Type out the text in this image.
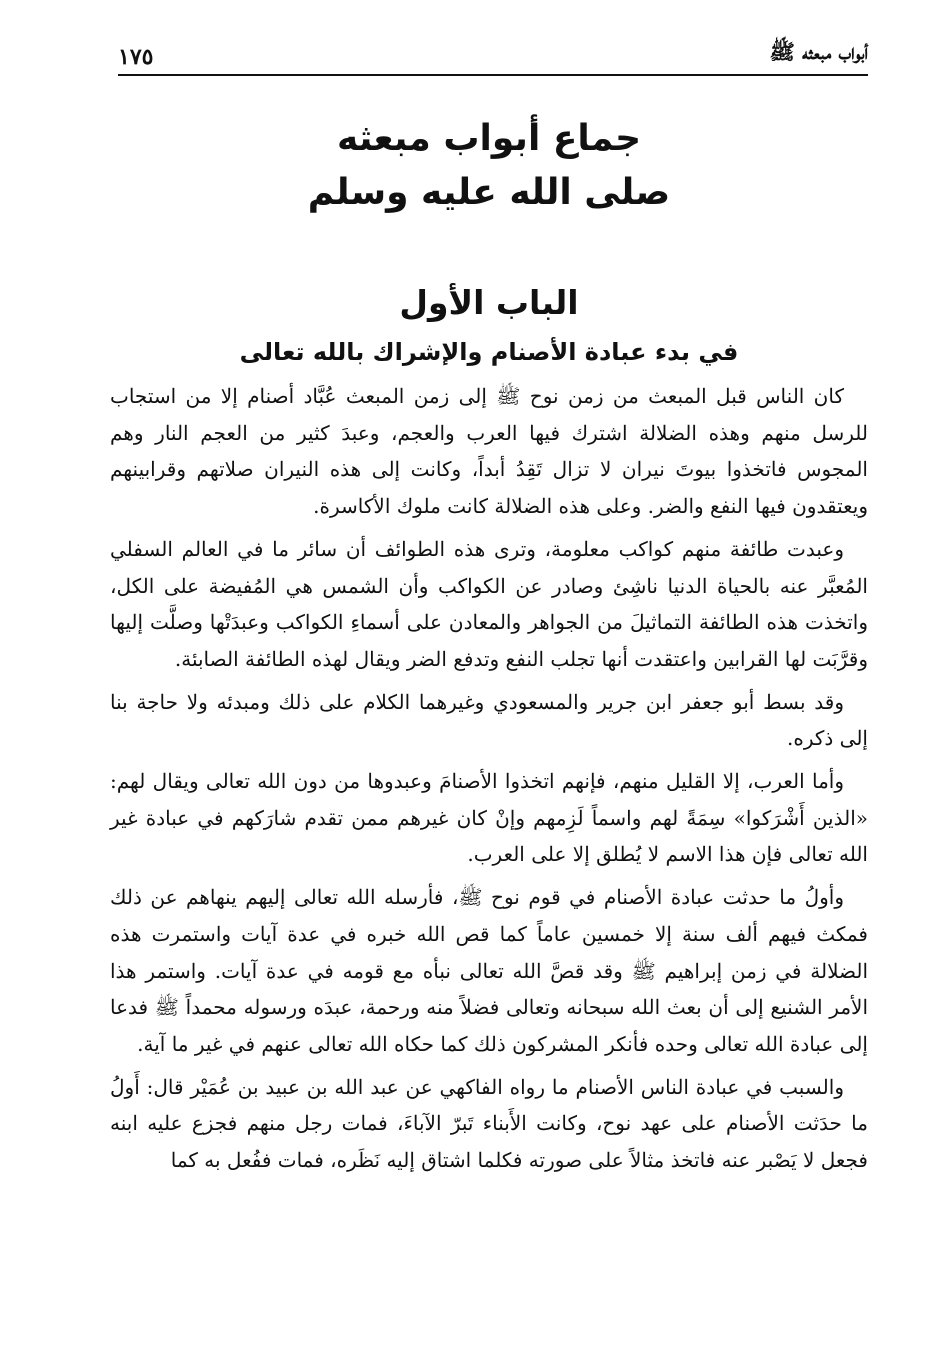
أبواب مبعثه ﷺ
١٧٥
جماع أبواب مبعثه
صلى الله عليه وسلم
الباب الأول
في بدء عبادة الأصنام والإشراك بالله تعالى

كان الناس قبل المبعث من زمن نوح ﷺ إلى زمن المبعث عُبَّاد أصنام إلا من استجاب للرسل منهم وهذه الضلالة اشترك فيها العرب والعجم، وعبدَ كثير من العجم النار وهم المجوس فاتخذوا بيوتَ نيران لا تزال تَقِدُ أبداً، وكانت إلى هذه النيران صلاتهم وقرابينهم ويعتقدون فيها النفع والضر. وعلى هذه الضلالة كانت ملوك الأكاسرة.

وعبدت طائفة منهم كواكب معلومة، وترى هذه الطوائف أن سائر ما في العالم السفلي المُعبَّر عنه بالحياة الدنيا ناشِئ وصادر عن الكواكب وأن الشمس هي المُفيضة على الكل، واتخذت هذه الطائفة التماثيلَ من الجواهر والمعادن على أسماءِ الكواكب وعبدَتْها وصلَّت إليها وقرَّبَت لها القرابين واعتقدت أنها تجلب النفع وتدفع الضر ويقال لهذه الطائفة الصابئة.

وقد بسط أبو جعفر ابن جرير والمسعودي وغيرهما الكلام على ذلك ومبدئه ولا حاجة بنا إلى ذكره.

وأما العرب، إلا القليل منهم، فإنهم اتخذوا الأصنامَ وعبدوها من دون الله تعالى ويقال لهم: «الذين أَشْرَكوا» سِمَةً لهم واسماً لَزِمهم وإنْ كان غيرهم ممن تقدم شارَكهم في عبادة غير الله تعالى فإن هذا الاسم لا يُطلق إلا على العرب.

وأولُ ما حدثت عبادة الأصنام في قوم نوح ﷺ، فأرسله الله تعالى إليهم ينهاهم عن ذلك فمكث فيهم ألف سنة إلا خمسين عاماً كما قص الله خبره في عدة آيات واستمرت هذه الضلالة في زمن إبراهيم ﷺ وقد قصَّ الله تعالى نبأه مع قومه في عدة آيات. واستمر هذا الأمر الشنيع إلى أن بعث الله سبحانه وتعالى فضلاً منه ورحمة، عبدَه ورسوله محمداً ﷺ فدعا إلى عبادة الله تعالى وحده فأنكر المشركون ذلك كما حكاه الله تعالى عنهم في غير ما آية.

والسبب في عبادة الناس الأصنام ما رواه الفاكهي عن عبد الله بن عبيد بن عُمَيْر قال: أَولُ ما حدَثت الأصنام على عهد نوح، وكانت الأَبناء تَبرّ الآباءَ، فمات رجل منهم فجزع عليه ابنه فجعل لا يَصْبر عنه فاتخذ مثالاً على صورته فكلما اشتاق إليه نَظَره، فمات ففُعل به كما
